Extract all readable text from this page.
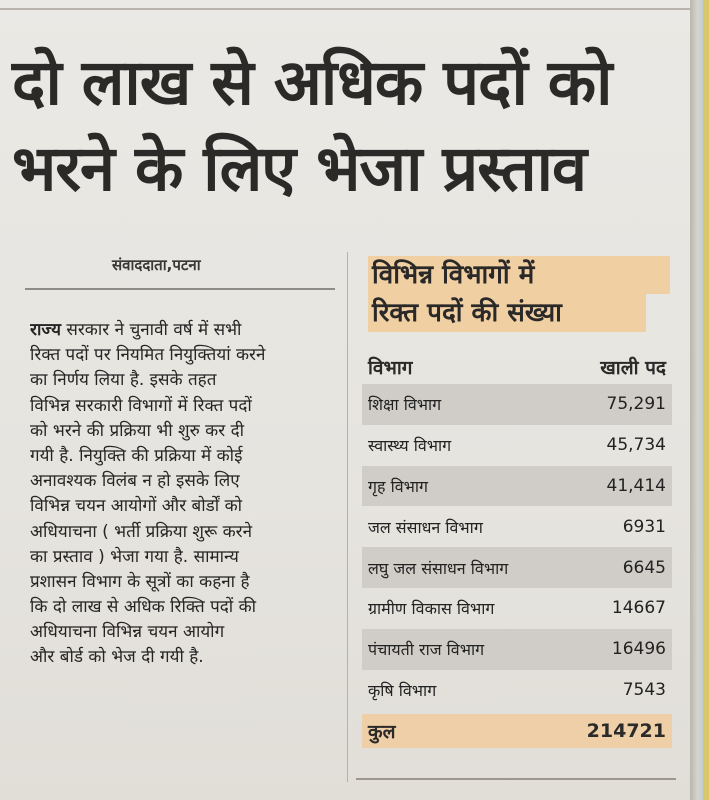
दो लाख से अधिक पदों को
भरने के लिए भेजा प्रस्ताव
संवाददाता,पटना
राज्य सरकार ने चुनावी वर्ष में सभी
रिक्त पदों पर नियमित नियुक्तियां करने
का निर्णय लिया है. इसके तहत
विभिन्न सरकारी विभागों में रिक्त पदों
को भरने की प्रक्रिया भी शुरु कर दी
गयी है. नियुक्ति की प्रक्रिया में कोई
अनावश्यक विलंब न हो इसके लिए
विभिन्न चयन आयोगों और बोर्डों को
अधियाचना ( भर्ती प्रक्रिया शुरू करने
का प्रस्ताव ) भेजा गया है. सामान्य
प्रशासन विभाग के सूत्रों का कहना है
कि दो लाख से अधिक रिक्ति पदों की
अधियाचना विभिन्न चयन आयोग
और बोर्ड को भेज दी गयी है.
विभिन्न विभागों में
रिक्त पदों की संख्या
विभाग	खाली पद
शिक्षा विभाग	75,291
स्वास्थ्य विभाग	45,734
गृह विभाग	41,414
जल संसाधन विभाग	6931
लघु जल संसाधन विभाग	6645
ग्रामीण विकास विभाग	14667
पंचायती राज विभाग	16496
कृषि विभाग	7543
कुल	214721
